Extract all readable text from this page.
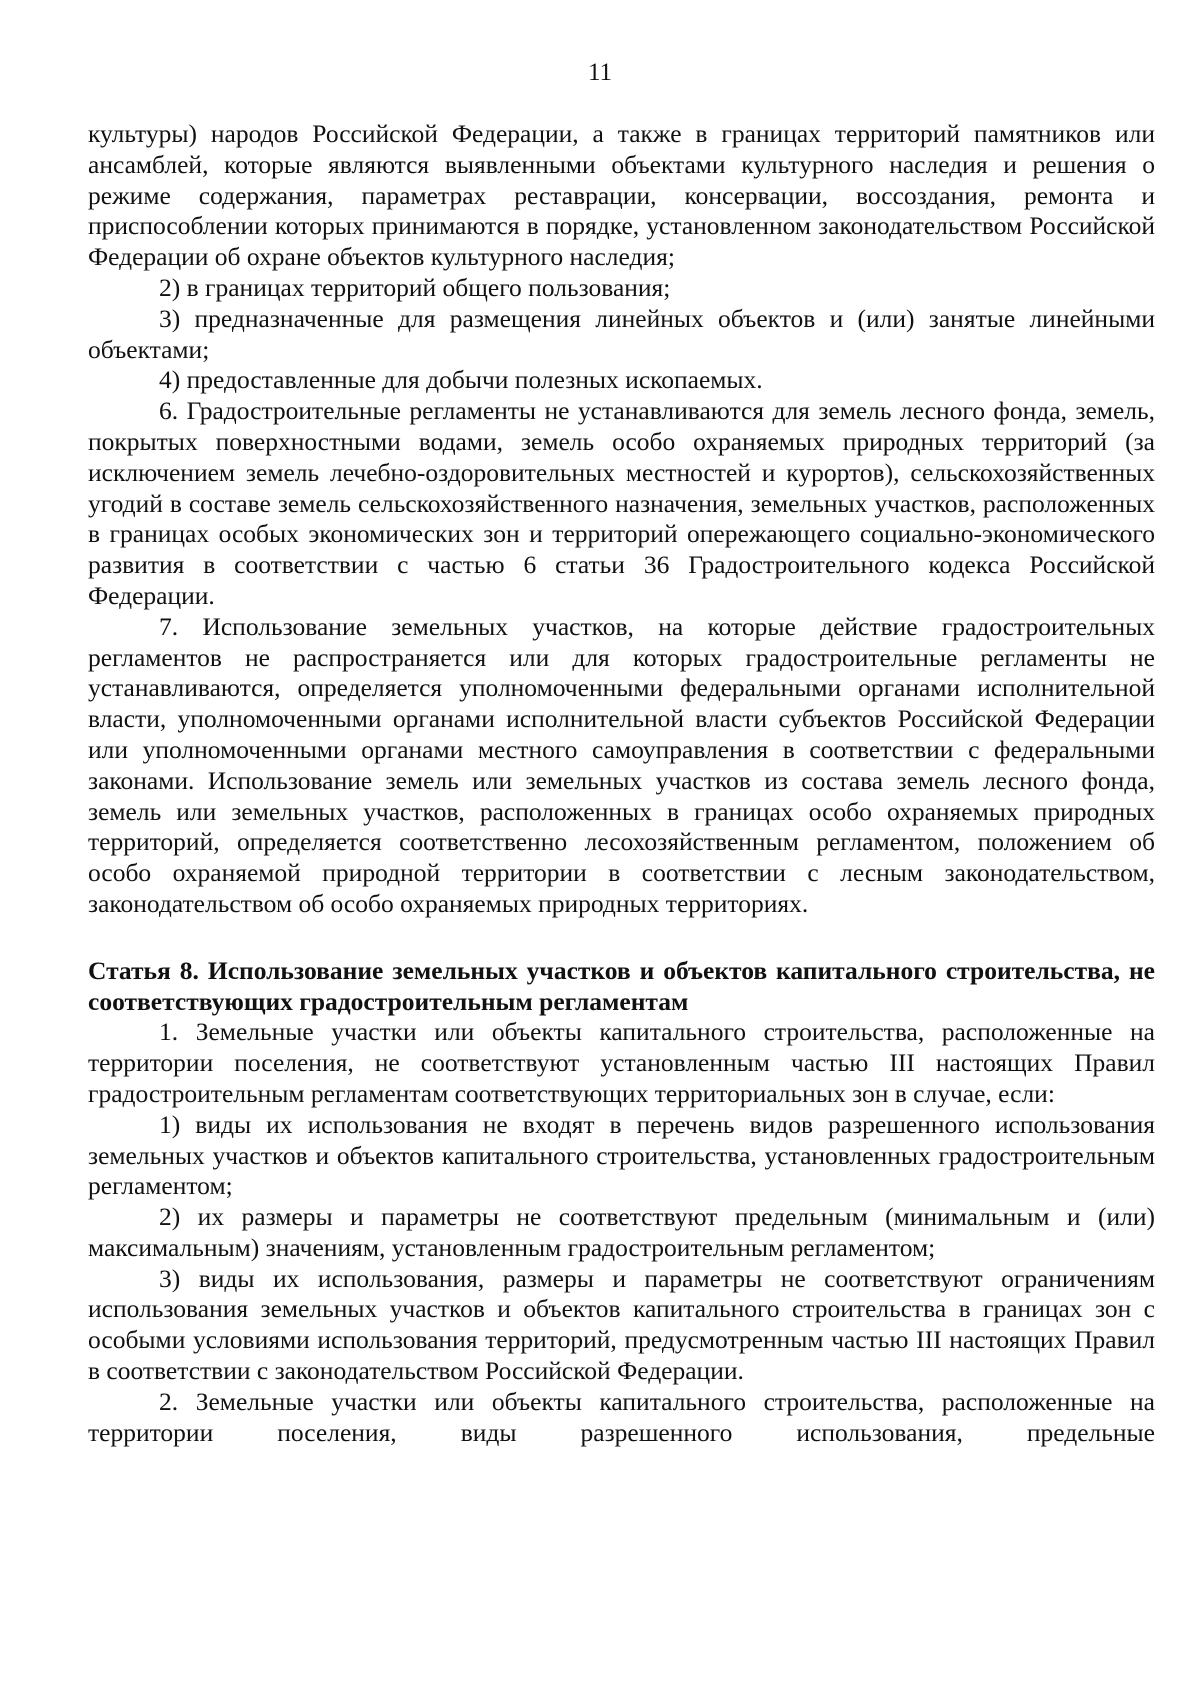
11

культуры) народов Российской Федерации, а также в границах территорий памятников или ансамблей, которые являются выявленными объектами культурного наследия и решения о режиме содержания, параметрах реставрации, консервации, воссоздания, ремонта и приспособлении которых принимаются в порядке, установленном законодательством Российской Федерации об охране объектов культурного наследия;

2) в границах территорий общего пользования;

3) предназначенные для размещения линейных объектов и (или) занятые линейными объектами;

4) предоставленные для добычи полезных ископаемых.

6. Градостроительные регламенты не устанавливаются для земель лесного фонда, земель, покрытых поверхностными водами, земель особо охраняемых природных территорий (за исключением земель лечебно-оздоровительных местностей и курортов), сельскохозяйственных угодий в составе земель сельскохозяйственного назначения, земельных участков, расположенных в границах особых экономических зон и территорий опережающего социально-экономического развития в соответствии с частью 6 статьи 36 Градостроительного кодекса Российской Федерации.

7. Использование земельных участков, на которые действие градостроительных регламентов не распространяется или для которых градостроительные регламенты не устанавливаются, определяется уполномоченными федеральными органами исполнительной власти, уполномоченными органами исполнительной власти субъектов Российской Федерации или уполномоченными органами местного самоуправления в соответствии с федеральными законами. Использование земель или земельных участков из состава земель лесного фонда, земель или земельных участков, расположенных в границах особо охраняемых природных территорий, определяется соответственно лесохозяйственным регламентом, положением об особо охраняемой природной территории в соответствии с лесным законодательством, законодательством об особо охраняемых природных территориях.

Статья 8. Использование земельных участков и объектов капитального строительства, не соответствующих градостроительным регламентам

1. Земельные участки или объекты капитального строительства, расположенные на территории поселения, не соответствуют установленным частью III настоящих Правил градостроительным регламентам соответствующих территориальных зон в случае, если:

1) виды их использования не входят в перечень видов разрешенного использования земельных участков и объектов капитального строительства, установленных градостроительным регламентом;

2) их размеры и параметры не соответствуют предельным (минимальным и (или) максимальным) значениям, установленным градостроительным регламентом;

3) виды их использования, размеры и параметры не соответствуют ограничениям использования земельных участков и объектов капитального строительства в границах зон с особыми условиями использования территорий, предусмотренным частью III настоящих Правил в соответствии с законодательством Российской Федерации.

2. Земельные участки или объекты капитального строительства, расположенные на территории поселения, виды разрешенного использования, предельные
